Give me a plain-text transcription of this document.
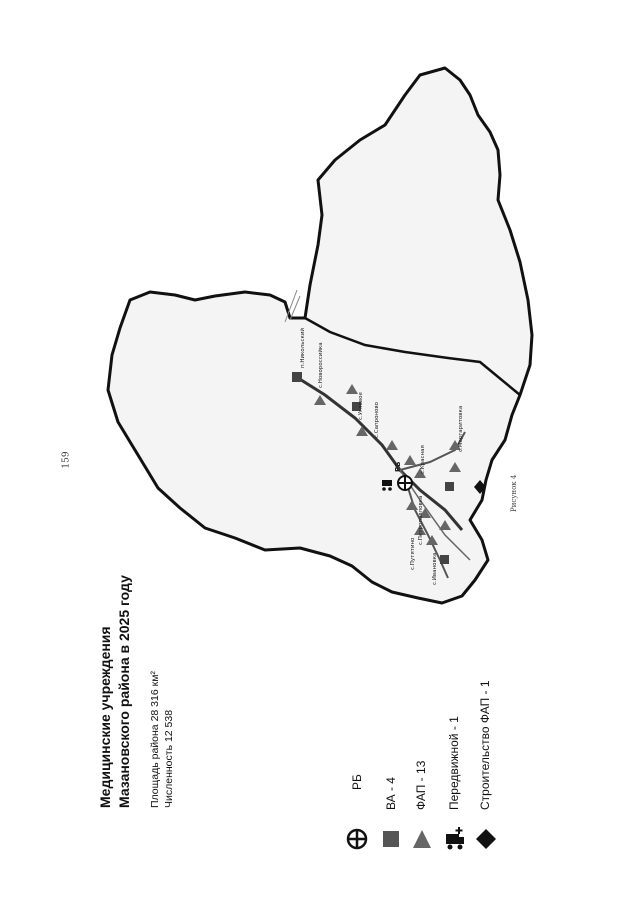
159
п.Никольский с.Новороссийка
с.Угловое с.Сапроново
с.Красная
с.Маргаритовка
с.Путятино	с.Ивановка
с.Петропавловка
РБ
Рисунок 4
Медицинские учреждения Мазановского района в 2025 году Площадь района 28 316 км² Численность 12 538	РБ ВА - 4 ФАП - 13 Передвижной - 1 Строительство ФАП - 1
